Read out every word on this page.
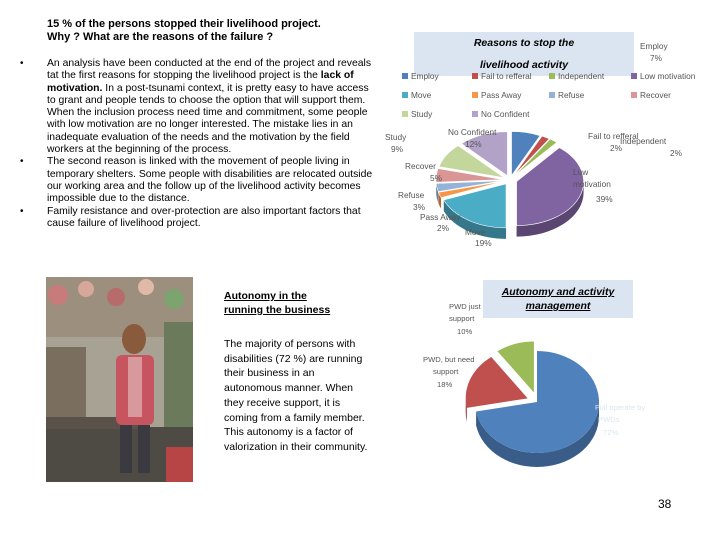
15 % of the persons stopped their livelihood project.
Why ? What are the reasons of the failure ?
• An analysis have been conducted at the end of the project and reveals tat the first reasons for stopping the livelihood project is the lack of motivation. In a post-tsunami context, it is pretty easy to have access to grant and people tends to choose the option that will support them. When the inclusion process need time and commitment, some people with low motivation are no longer interested. The mistake lies in an inadequate evaluation of the needs and the motivation by the field workers at the beginning of the process.
• The second reason is linked with the movement of people living in temporary shelters. Some people with disabilities are relocated outside our working area and the follow up of the livelihood activity becomes impossible due to the distance.
• Family resistance and over-protection are also important factors that cause failure of livelihood project.
Reasons to stop the
livelihood activity
Employ	Fail to refferal	Independent	Low motivation
Move	Pass Away	Refuse	Recover
Study	No Confident
Employ
7%
Fail to refferal
2%
Independent
2%
Low
motivation
39%
Move
19%
Pass Away
2%
Refuse
3%
Recover
5%
Study
9%
No Confident
12%
Autonomy in the
running the business
The majority of persons with disabilities (72 %) are running their business in an autonomous manner. When they receive support, it is coming from a family member. This autonomy is a factor of valorization in their community.
Autonomy and activity
management
Full operate by
PWDs
72%
PWD, but need
support
18%
PWD just
support
10%
38
